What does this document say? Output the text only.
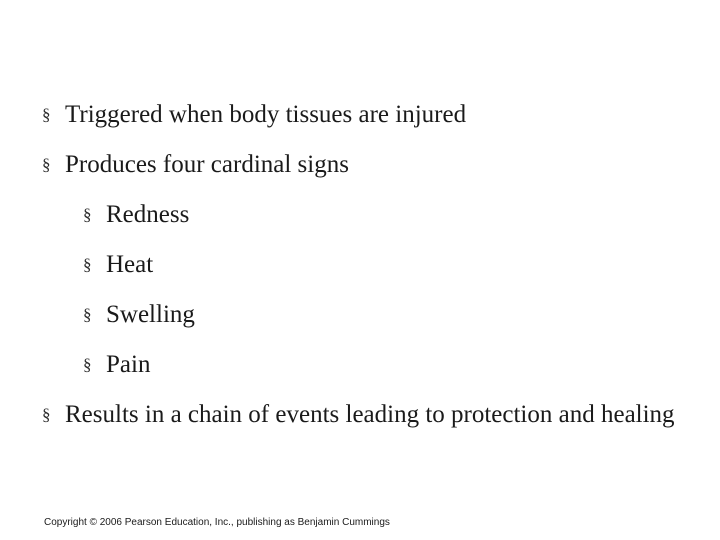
§ Triggered when body tissues are injured
§ Produces four cardinal signs
§ Redness
§ Heat
§ Swelling
§ Pain
§ Results in a chain of events leading to protection and healing
Copyright © 2006 Pearson Education, Inc., publishing as Benjamin Cummings
